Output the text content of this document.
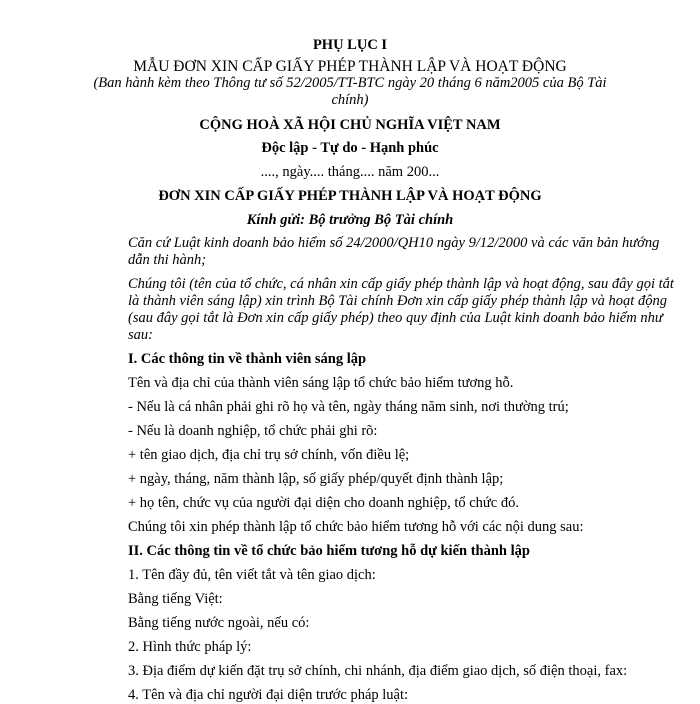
PHỤ LỤC I
MẪU ĐƠN XIN CẤP GIẤY PHÉP THÀNH LẬP VÀ HOẠT ĐỘNG
(Ban hành kèm theo Thông tư số 52/2005/TT-BTC ngày 20 tháng 6 năm2005 của Bộ Tài
chính)
CỘNG HOÀ XÃ HỘI CHỦ NGHĨA VIỆT NAM
Độc lập - Tự do - Hạnh phúc
...., ngày.... tháng.... năm 200...
ĐƠN XIN CẤP GIẤY PHÉP THÀNH LẬP VÀ HOẠT ĐỘNG
Kính gửi: Bộ trưởng Bộ Tài chính
Căn cứ Luật kinh doanh bảo hiểm số 24/2000/QH10 ngày 9/12/2000 và các văn bản hướng
dẫn thi hành;
Chúng tôi (tên của tổ chức, cá nhân xin cấp giấy phép thành lập và hoạt động, sau đây gọi tắt
là thành viên sáng lập) xin trình Bộ Tài chính Đơn xin cấp giấy phép thành lập và hoạt động
(sau đây gọi tắt là Đơn xin cấp giấy phép) theo quy định của Luật kinh doanh bảo hiểm như
sau:
I. Các thông tin về thành viên sáng lập
Tên và địa chỉ của thành viên sáng lập tổ chức bảo hiểm tương hỗ.
- Nếu là cá nhân phải ghi rõ họ và tên, ngày tháng năm sinh, nơi thường trú;
- Nếu là doanh nghiệp, tổ chức phải ghi rõ:
+ tên giao dịch, địa chỉ trụ sở chính, vốn điều lệ;
+ ngày, tháng, năm thành lập, số giấy phép/quyết định thành lập;
+ họ tên, chức vụ của người đại diện cho doanh nghiệp, tổ chức đó.
Chúng tôi xin phép thành lập tổ chức bảo hiểm tương hỗ với các nội dung sau:
II. Các thông tin về tổ chức bảo hiểm tương hỗ dự kiến thành lập
1. Tên đầy đủ, tên viết tắt và tên giao dịch:
Bằng tiếng Việt:
Bằng tiếng nước ngoài, nếu có:
2. Hình thức pháp lý:
3. Địa điểm dự kiến đặt trụ sở chính, chi nhánh, địa điểm giao dịch, số điện thoại, fax:
4. Tên và địa chỉ người đại diện trước pháp luật:
